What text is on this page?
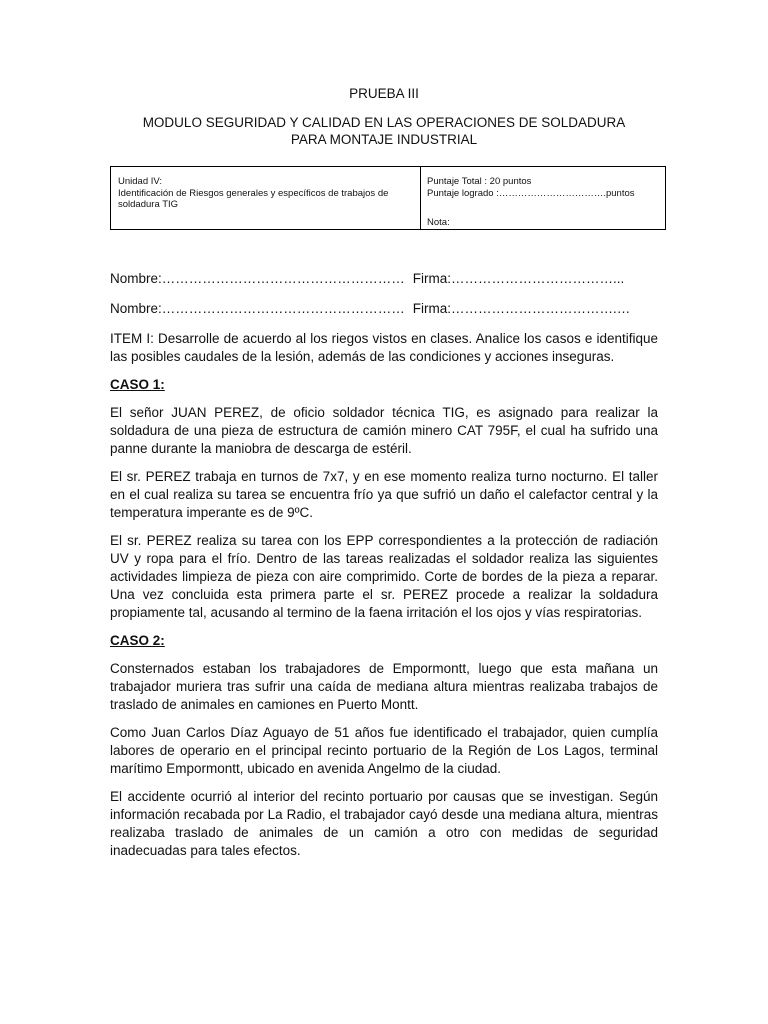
PRUEBA III
MODULO SEGURIDAD Y CALIDAD EN LAS OPERACIONES DE SOLDADURA
PARA MONTAJE INDUSTRIAL
Unidad IV:
Identificación de Riesgos generales y específicos de trabajos de soldadura TIG
Puntaje Total : 20 puntos
Puntaje logrado :…………………………….puntos
Nota:

Nombre:……………………………………………… Firma:………………………………...

Nombre:……………………………………………… Firma:……………………………….…

ITEM I: Desarrolle de acuerdo al los riegos vistos en clases. Analice los casos e identifique las posibles caudales de la lesión, además de las condiciones y acciones inseguras.

CASO 1:

El señor JUAN PEREZ, de oficio soldador técnica TIG, es asignado para realizar la soldadura de una pieza de estructura de camión minero CAT 795F, el cual ha sufrido una panne durante la maniobra de descarga de estéril.

El sr. PEREZ trabaja en turnos de 7x7, y en ese momento realiza turno nocturno. El taller en el cual realiza su tarea se encuentra frío ya que sufrió un daño el calefactor central y la temperatura imperante es de 9ºC.

El sr. PEREZ realiza su tarea con los EPP correspondientes a la protección de radiación UV y ropa para el frío. Dentro de las tareas realizadas el soldador realiza las siguientes actividades limpieza de pieza con aire comprimido. Corte de bordes de la pieza a reparar. Una vez concluida esta primera parte el sr. PEREZ procede a realizar la soldadura propiamente tal, acusando al termino de la faena irritación el los ojos y vías respiratorias.

CASO 2:

Consternados estaban los trabajadores de Empormontt, luego que esta mañana un trabajador muriera tras sufrir una caída de mediana altura mientras realizaba trabajos de traslado de animales en camiones en Puerto Montt.

Como Juan Carlos Díaz Aguayo de 51 años fue identificado el trabajador, quien cumplía labores de operario en el principal recinto portuario de la Región de Los Lagos, terminal marítimo Empormontt, ubicado en avenida Angelmo de la ciudad.

El accidente ocurrió al interior del recinto portuario por causas que se investigan. Según información recabada por La Radio, el trabajador cayó desde una mediana altura, mientras realizaba traslado de animales de un camión a otro con medidas de seguridad inadecuadas para tales efectos.
